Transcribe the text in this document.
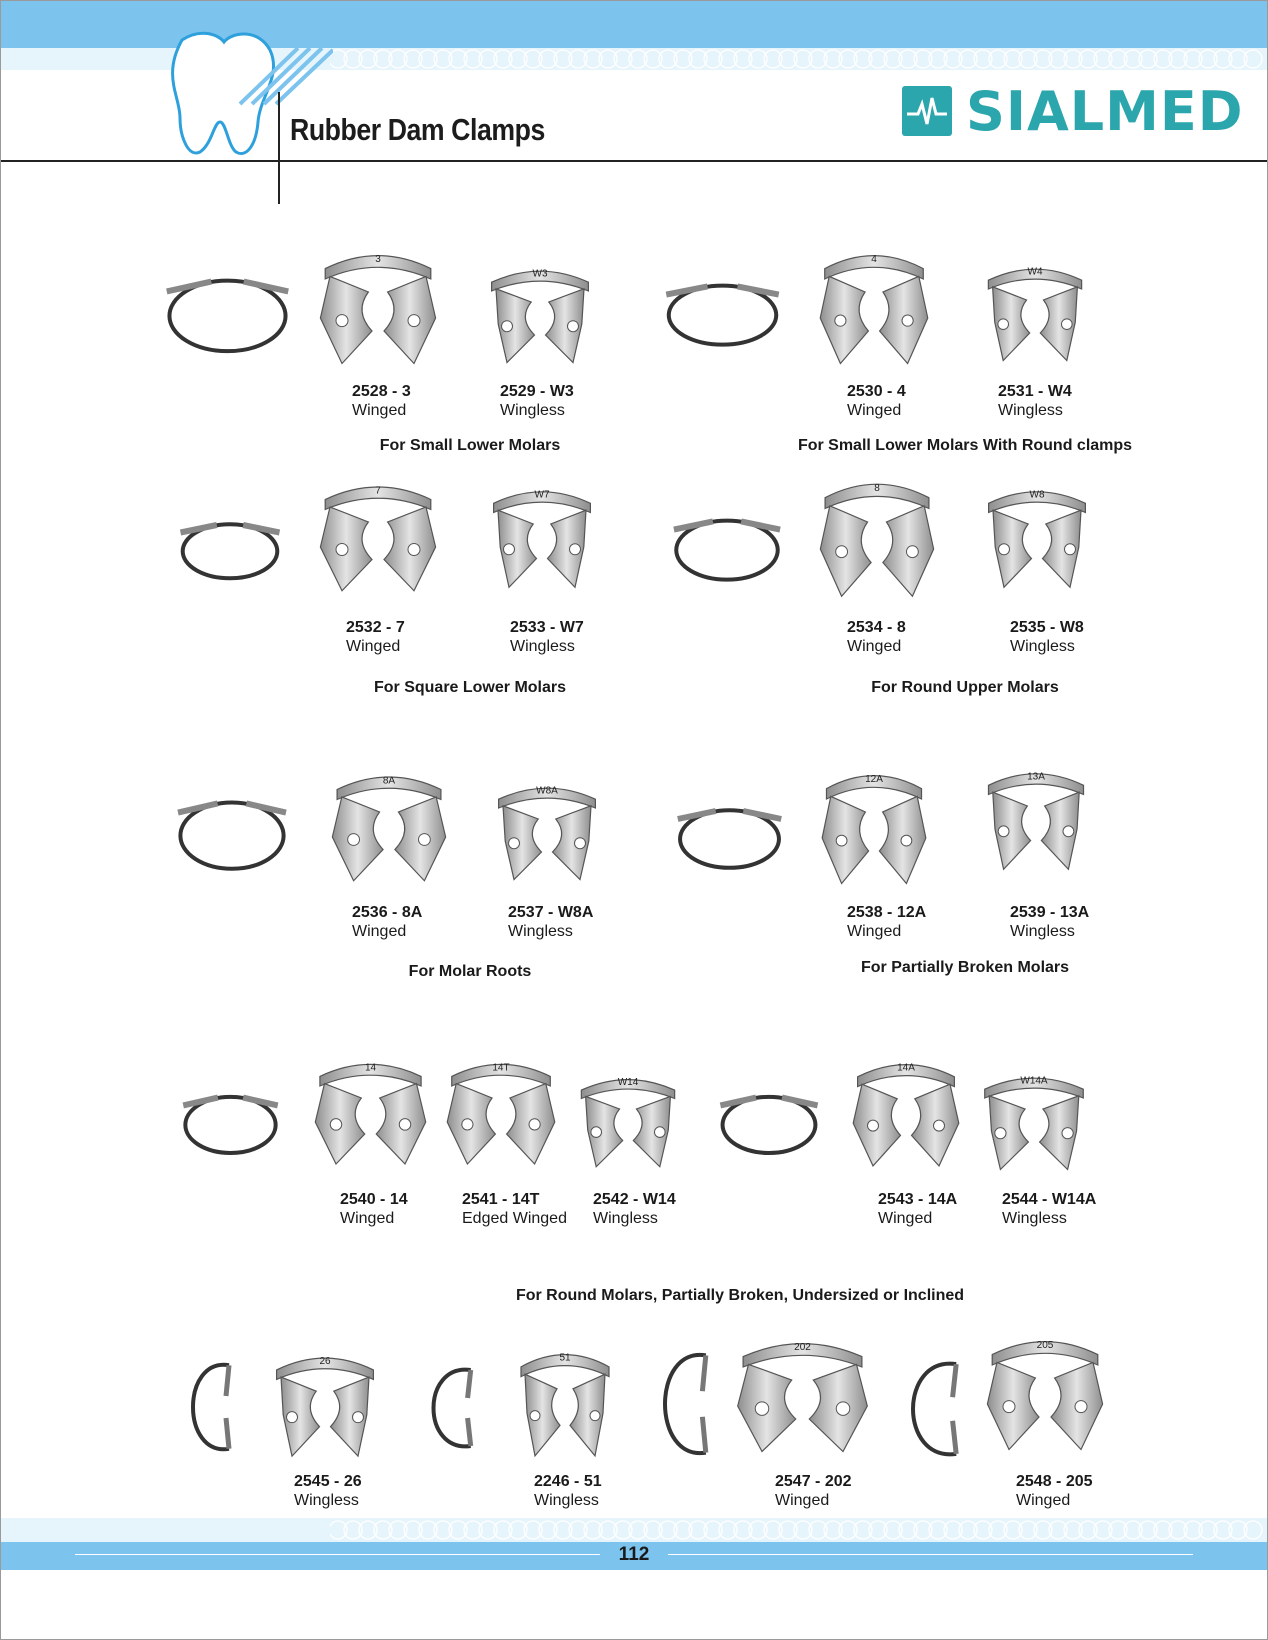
Rubber Dam Clamps	SIALMED
3
2528 - 3
Winged
W3
2529 - W3
Wingless
For Small Lower Molars
4
2530 - 4
Winged
W4
2531 - W4
Wingless
For Small Lower Molars With Round clamps
7
2532 - 7
Winged
W7
2533 - W7
Wingless
For Square Lower Molars
8
2534 - 8
Winged
W8
2535 - W8
Wingless
For Round Upper Molars
8A
2536 - 8A
Winged
W8A
2537 - W8A
Wingless
For Molar Roots
12A
2538 - 12A
Winged
13A
2539 - 13A
Wingless
For Partially Broken Molars
14
2540 - 14
Winged
14T
2541 - 14T
Edged Winged
W14
2542 - W14
Wingless
14A
2543 - 14A
Winged
W14A
2544 - W14A
Wingless
For Round Molars, Partially Broken, Undersized or Inclined
26
2545 - 26
Wingless
51
2246 - 51
Wingless
202
2547 - 202
Winged
205
2548 - 205
Winged
112
